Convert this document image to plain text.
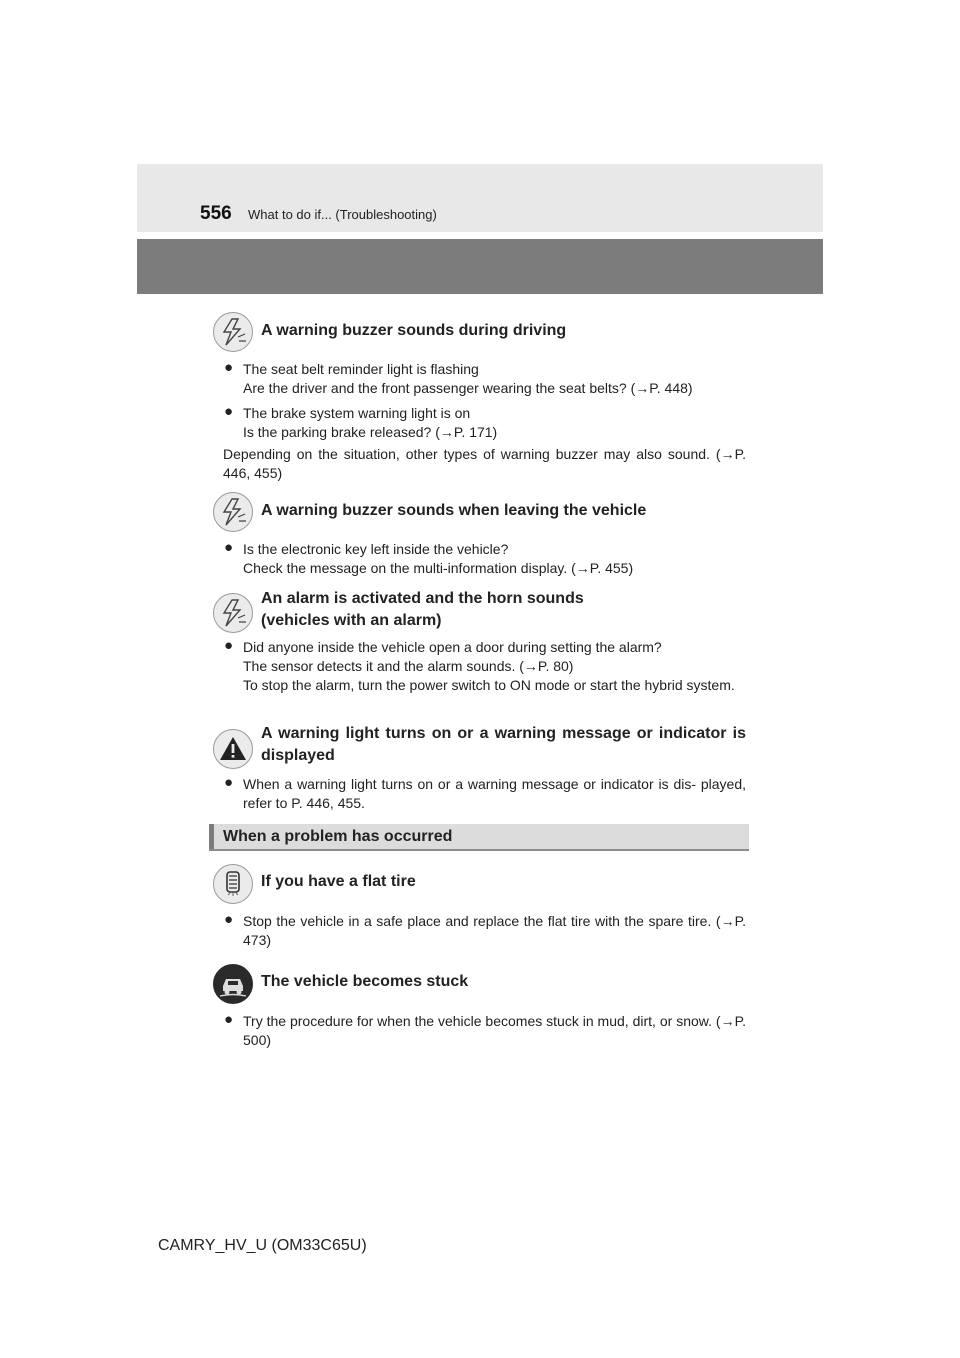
556 What to do if... (Troubleshooting)
A warning buzzer sounds during driving
● The seat belt reminder light is flashing
Are the driver and the front passenger wearing the seat belts? (→P. 448)
● The brake system warning light is on
Is the parking brake released? (→P. 171)
Depending on the situation, other types of warning buzzer may also sound. (→P. 446, 455)
A warning buzzer sounds when leaving the vehicle
● Is the electronic key left inside the vehicle?
Check the message on the multi-information display. (→P. 455)
An alarm is activated and the horn sounds
(vehicles with an alarm)
● Did anyone inside the vehicle open a door during setting the alarm?
The sensor detects it and the alarm sounds. (→P. 80)
To stop the alarm, turn the power switch to ON mode or start the hybrid system.
A warning light turns on or a warning message or indicator is displayed
● When a warning light turns on or a warning message or indicator is dis- played, refer to P. 446, 455.
When a problem has occurred
If you have a flat tire
● Stop the vehicle in a safe place and replace the flat tire with the spare tire. (→P. 473)
The vehicle becomes stuck
● Try the procedure for when the vehicle becomes stuck in mud, dirt, or snow. (→P. 500)
CAMRY_HV_U (OM33C65U)
